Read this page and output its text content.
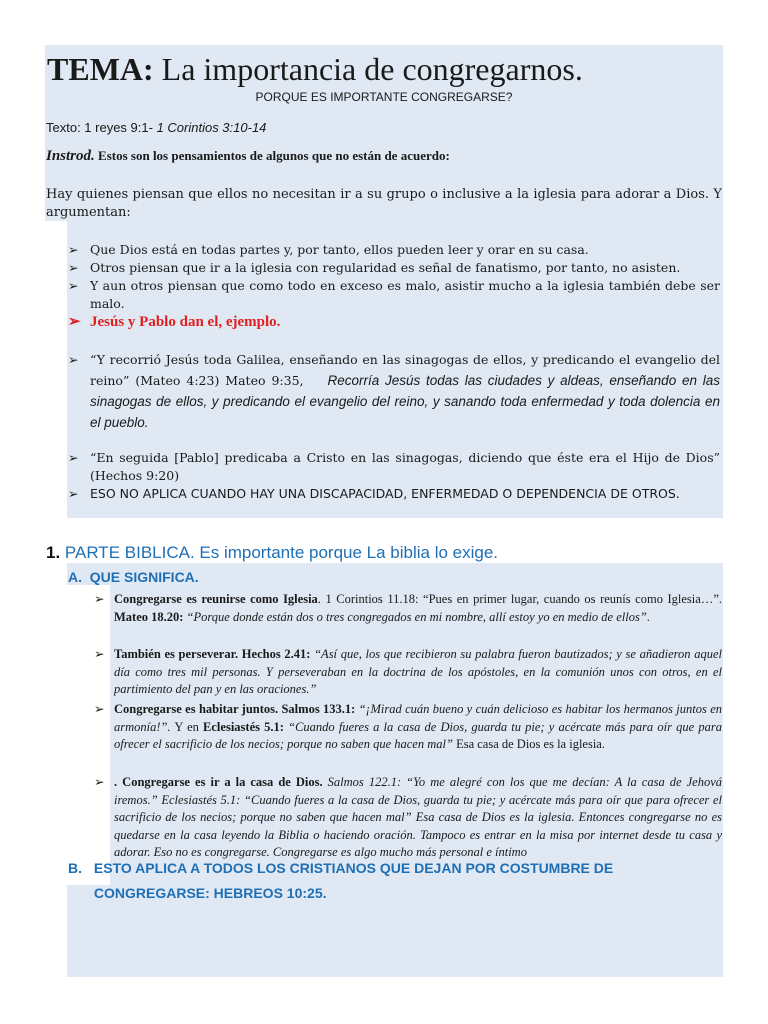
TEMA: La importancia de congregarnos.
PORQUE ES IMPORTANTE CONGREGARSE?
Texto: 1 reyes 9:1- 1 Corintios 3:10-14
Instrod. Estos son los pensamientos de algunos que no están de acuerdo:
Hay quienes piensan que ellos no necesitan ir a su grupo o inclusive a la iglesia para adorar a Dios. Y argumentan:
➢ Que Dios está en todas partes y, por tanto, ellos pueden leer y orar en su casa.
➢ Otros piensan que ir a la iglesia con regularidad es señal de fanatismo, por tanto, no asisten.
➢ Y aun otros piensan que como todo en exceso es malo, asistir mucho a la iglesia también debe ser malo.
➢ Jesús y Pablo dan el, ejemplo.
➢ “Y recorrió Jesús toda Galilea, enseñando en las sinagogas de ellos, y predicando el evangelio del reino” (Mateo 4:23) Mateo 9:35, Recorría Jesús todas las ciudades y aldeas, enseñando en las sinagogas de ellos, y predicando el evangelio del reino, y sanando toda enfermedad y toda dolencia en el pueblo.
➢ “En seguida [Pablo] predicaba a Cristo en las sinagogas, diciendo que éste era el Hijo de Dios” (Hechos 9:20)
➢ ESO NO APLICA CUANDO HAY UNA DISCAPACIDAD, ENFERMEDAD O DEPENDENCIA DE OTROS.
1. PARTE BIBLICA. Es importante porque La biblia lo exige.
A. QUE SIGNIFICA.
➢ Congregarse es reunirse como Iglesia. 1 Corintios 11.18: “Pues en primer lugar, cuando os reunís como Iglesia…”. Mateo 18.20: “Porque donde están dos o tres congregados en mi nombre, allí estoy yo en medio de ellos”.
➢ También es perseverar. Hechos 2.41: “Así que, los que recibieron su palabra fueron bautizados; y se añadieron aquel día como tres mil personas. Y perseveraban en la doctrina de los apóstoles, en la comunión unos con otros, en el partimiento del pan y en las oraciones.”
➢ Congregarse es habitar juntos. Salmos 133.1: “¡Mirad cuán bueno y cuán delicioso es habitar los hermanos juntos en armonía!”. Y en Eclesiastés 5.1: “Cuando fueres a la casa de Dios, guarda tu pie; y acércate más para oír que para ofrecer el sacrificio de los necios; porque no saben que hacen mal” Esa casa de Dios es la iglesia.
➢ . Congregarse es ir a la casa de Dios. Salmos 122.1: “Yo me alegré con los que me decían: A la casa de Jehová iremos.” Eclesiastés 5.1: “Cuando fueres a la casa de Dios, guarda tu pie; y acércate más para oír que para ofrecer el sacrificio de los necios; porque no saben que hacen mal” Esa casa de Dios es la iglesia. Entonces congregarse no es quedarse en la casa leyendo la Biblia o haciendo oración. Tampoco es entrar en la misa por internet desde tu casa y adorar. Eso no es congregarse. Congregarse es algo mucho más personal e íntimo
B. ESTO APLICA A TODOS LOS CRISTIANOS QUE DEJAN POR COSTUMBRE DE
CONGREGARSE: HEBREOS 10:25.
